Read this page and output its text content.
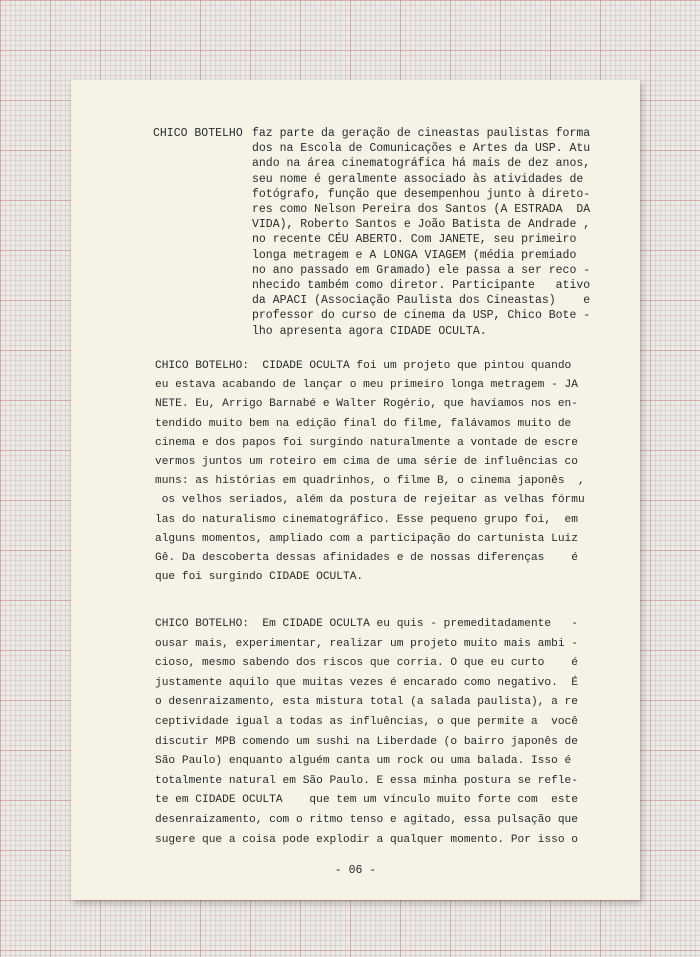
CHICO BOTELHO faz parte da geração de cineastas paulistas forma
dos na Escola de Comunicações e Artes da USP. Atu
ando na área cinematográfica há mais de dez anos,
seu nome é geralmente associado às atividades de
fotógrafo, função que desempenhou junto à direto-
res como Nelson Pereira dos Santos (A ESTRADA  DA
VIDA), Roberto Santos e João Batista de Andrade ,
no recente CÉU ABERTO. Com JANETE, seu primeiro
longa metragem e A LONGA VIAGEM (média premiado
no ano passado em Gramado) ele passa a ser reco -
nhecido também como diretor. Participante   ativo
da APACI (Associação Paulista dos Cineastas)    e
professor do curso de cinema da USP, Chico Bote -
lho apresenta agora CIDADE OCULTA.
CHICO BOTELHO:  CIDADE OCULTA foi um projeto que pintou quando
eu estava acabando de lançar o meu primeiro longa metragem - JA
NETE. Eu, Arrigo Barnabé e Walter Rogério, que havíamos nos en-
tendido muito bem na edição final do filme, falávamos muito de
cinema e dos papos foi surgindo naturalmente a vontade de escre
vermos juntos um roteiro em cima de uma série de influências co
muns: as histórias em quadrinhos, o filme B, o cinema japonês  ,
os velhos seriados, além da postura de rejeitar as velhas fórmu
las do naturalismo cinematográfico. Esse pequeno grupo foi,  em
alguns momentos, ampliado com a participação do cartunista Luiz
Gê. Da descoberta dessas afinidades e de nossas diferenças    é
que foi surgindo CIDADE OCULTA.
CHICO BOTELHO:  Em CIDADE OCULTA eu quis - premeditadamente   -
ousar mais, experimentar, realizar um projeto muito mais ambi -
cioso, mesmo sabendo dos riscos que corria. O que eu curto    é
justamente aquilo que muitas vezes é encarado como negativo.  É
o desenraizamento, esta mistura total (a salada paulista), a re
ceptividade igual a todas as influências, o que permite a  você
discutir MPB comendo um sushi na Liberdade (o bairro japonês de
São Paulo) enquanto alguém canta um rock ou uma balada. Isso é
totalmente natural em São Paulo. E essa minha postura se refle-
te em CIDADE OCULTA    que tem um vínculo muito forte com  este
desenraizamento, com o ritmo tenso e agitado, essa pulsação que
sugere que a coisa pode explodir a qualquer momento. Por isso o
- 06 -
